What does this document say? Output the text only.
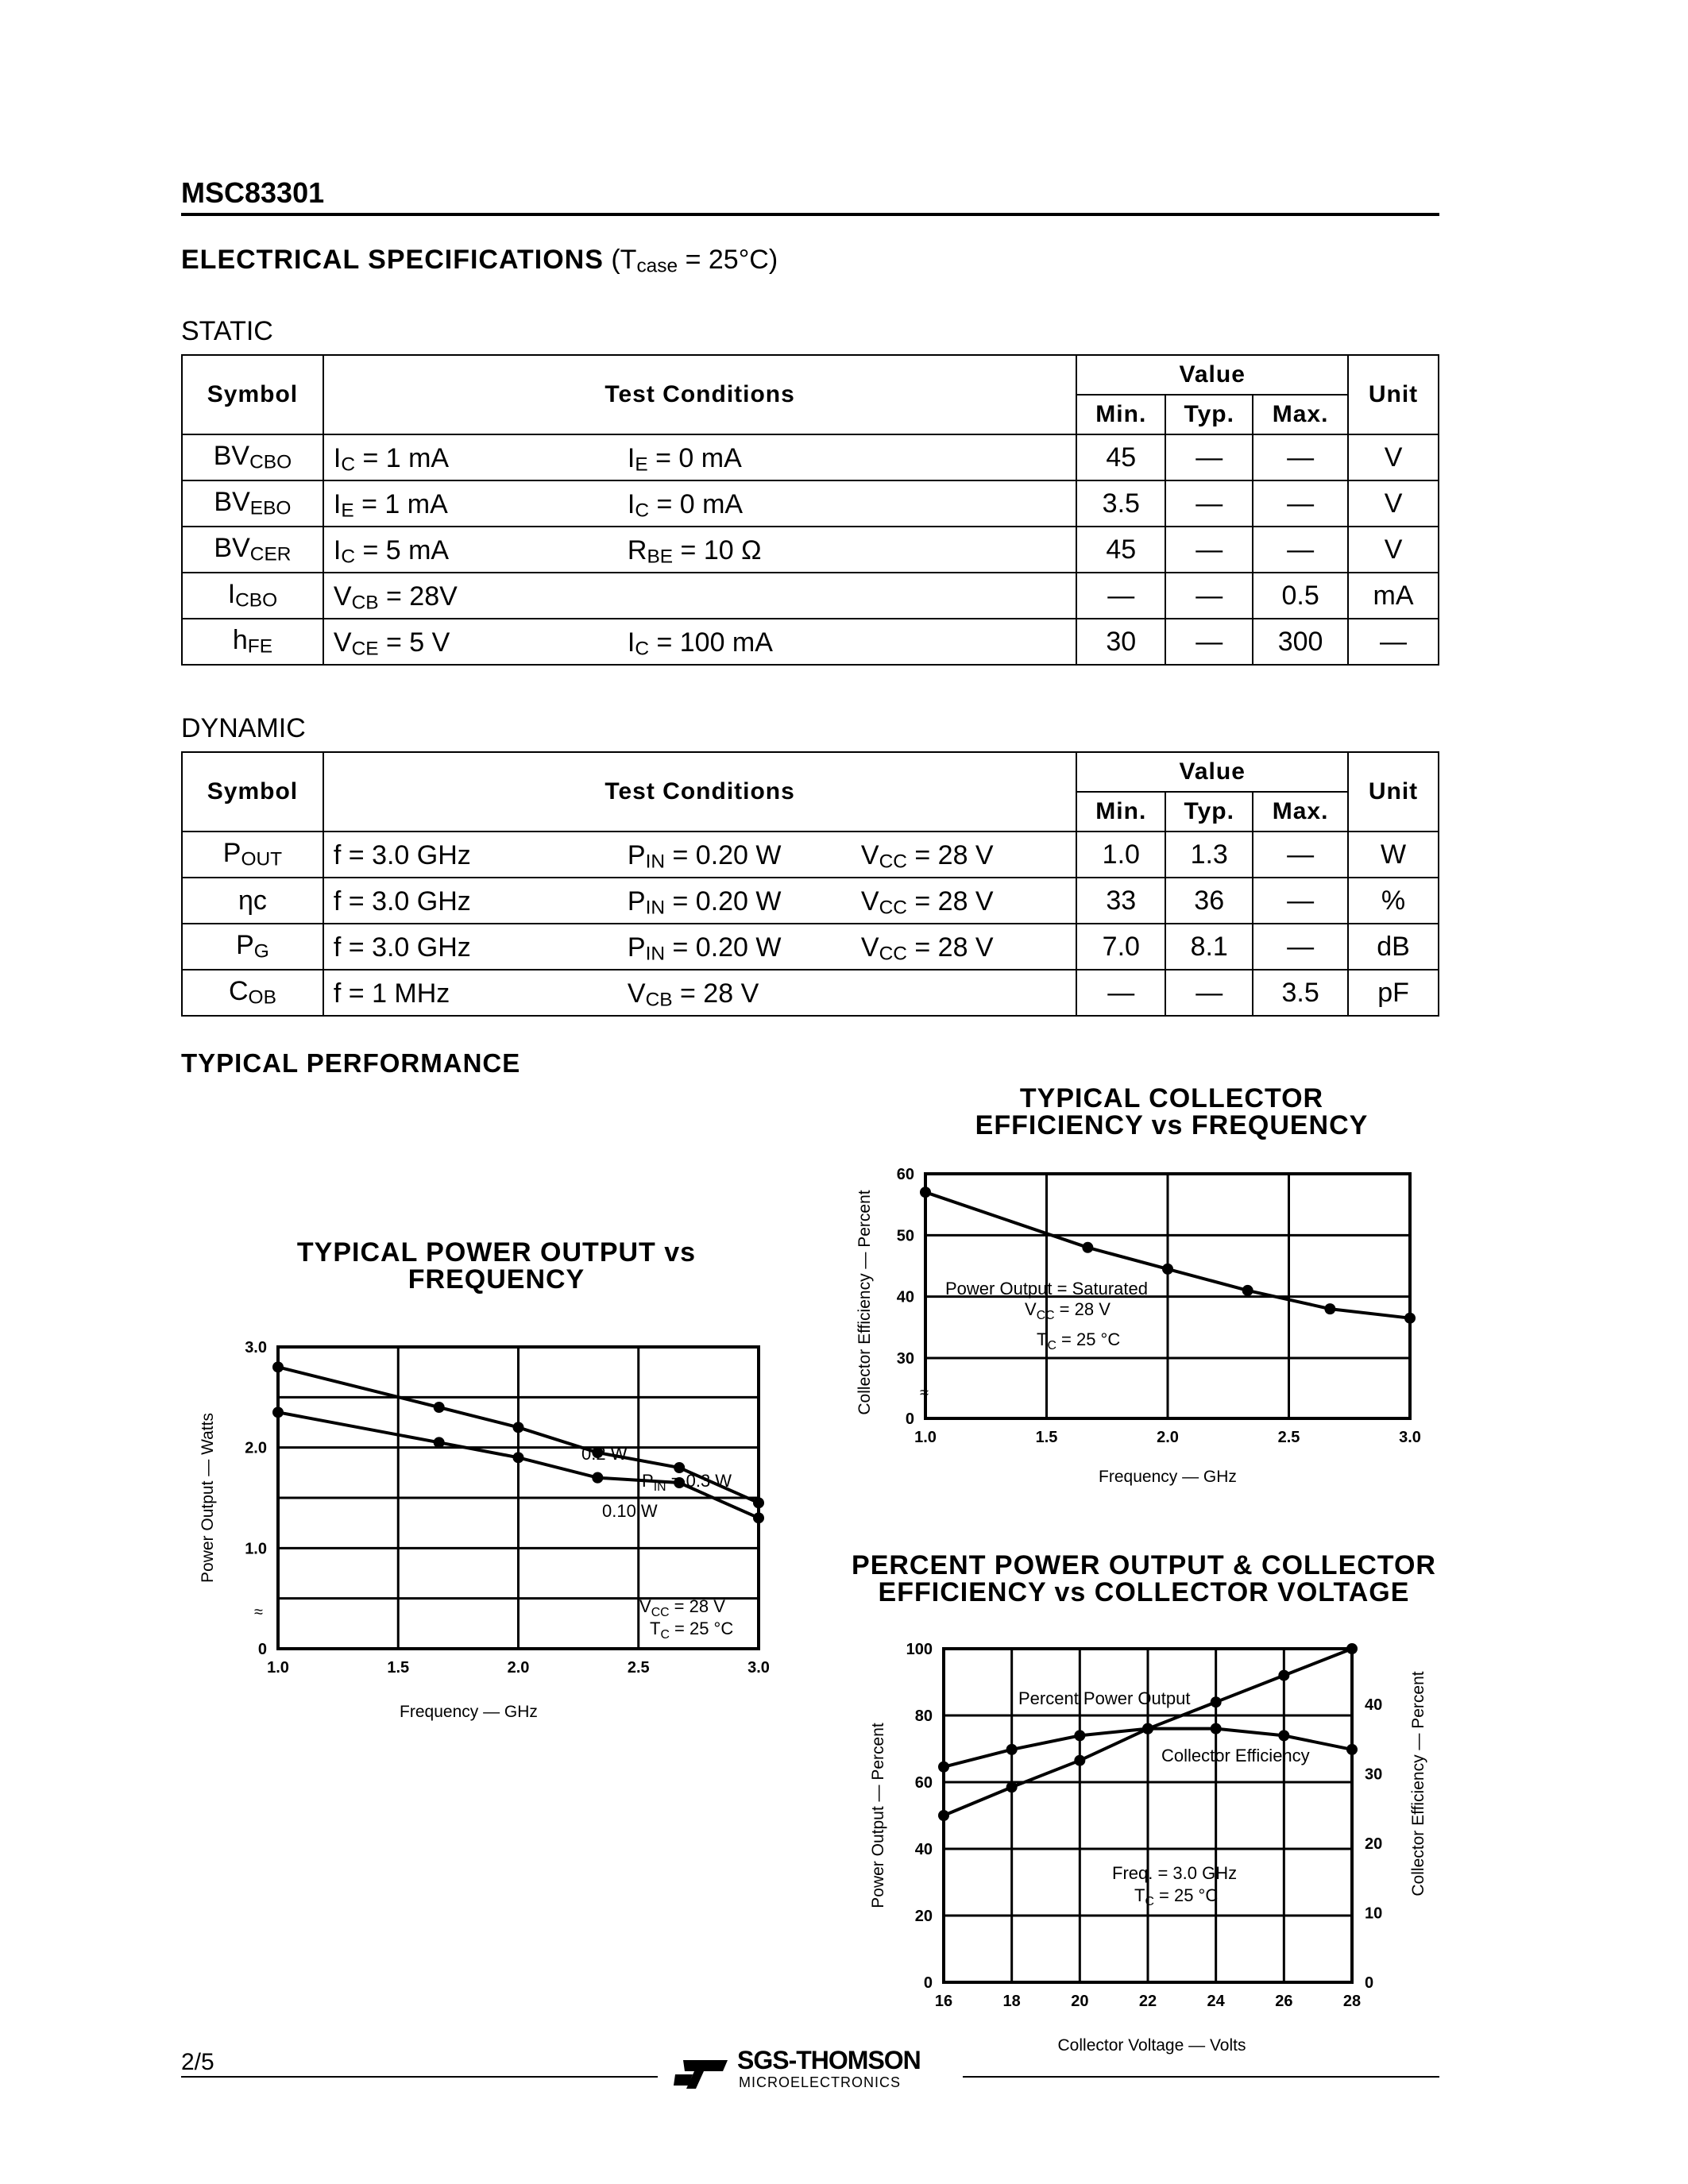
MSC83301
ELECTRICAL SPECIFICATIONS $(T_{case} = 25^\circ C)$
STATIC
Symbol	Test Conditions	Value			Unit
		Min.	Typ.	Max.	
$BV_{CBO}$	$I_C = 1$ mA $I_E = 0$ mA	45	—	—	V
$BV_{EBO}$	$I_E = 1$ mA $I_C = 0$ mA	3.5	—	—	V
$BV_{CER}$	$I_C = 5$ mA $R_{BE} = 10$ Ω	45	—	—	V
$I_{CBO}$	$V_{CB} = 28V$	—	—	0.5	mA
$h_{FE}$	$V_{CE} = 5$ V $I_C = 100$ mA	30	—	300	—
DYNAMIC
Symbol	Test Conditions	Value			Unit
		Min.	Typ.	Max.	
$P_{OUT}$	f = 3.0 GHz $P_{IN} = 0.20$ W $V_{CC} = 28$ V	1.0	1.3	—	W
ηc	f = 3.0 GHz $P_{IN} = 0.20$ W $V_{CC} = 28$ V	33	36	—	%
$P_G$	f = 3.0 GHz $P_{IN} = 0.20$ W $V_{CC} = 28$ V	7.0	8.1	—	dB
$C_{OB}$	f = 1 MHz $V_{CB} = 28$ V	—	—	3.5	pF
TYPICAL PERFORMANCE
TYPICAL POWER OUTPUT vs
FREQUENCY
TYPICAL COLLECTOR
EFFICIENCY vs FREQUENCY
PERCENT POWER OUTPUT & COLLECTOR
EFFICIENCY vs COLLECTOR VOLTAGE
1.0	1.5	2.0	2.5	3.0
0
1.0
2.0
3.0
Frequency — GHz
Power Output — Watts
≈
$P_{IN} = 0.3$ W
0.2 W
0.10 W
$V_{CC} = 28$ V
$T_C = 25$ °C
1.0	1.5	2.0	2.5	3.0
0
30
40
50
60
≈
Frequency — GHz
Collector Efficiency — Percent	Power Output = Saturated
$V_{CC} = 28$ V
$T_C = 25$ °C
16	18	20	22	24	26	28
0
20
40
60
80
100
0
10
20
30
40
Collector Voltage — Volts
Power Output — Percent	Collector Efficiency — Percent
Percent Power Output
Collector Efficiency
Freq. = 3.0 GHz
$T_C = 25$ °C
2/5	SGS-THOMSON
MICROELECTRONICS
